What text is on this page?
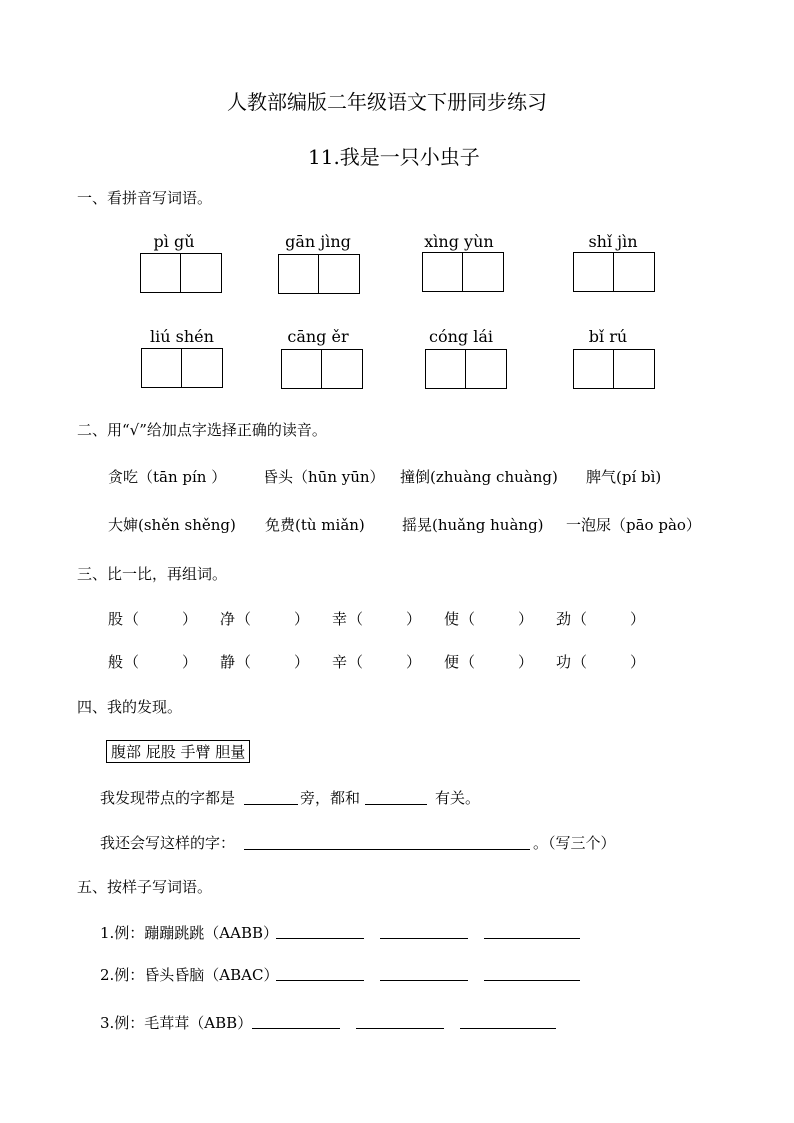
人教部编版二年级语文下册同步练习
11.我是一只小虫子
一、看拼音写词语。
pì gǔ	gān jìng	xìng yùn	shǐ jìn
liú shén	cāng ěr	cóng lái	bǐ rú
二、用“√”给加点字选择正确的读音。
贪吃（tān pín ） 昏头（hūn yūn） 撞倒(zhuàng chuàng) 脾气(pí bì)
大婶(shěn shěng) 免费(tù miǎn) 摇晃(huǎng huàng) 一泡尿（pāo pào）
三、比一比，再组词。
股 （	） 净 （	） 幸 （	） 使 （	） 劲 （	）
般 （	） 静 （	） 辛 （	） 便 （	） 功 （	）
四、我的发现。
腹部 屁股 手臂 胆量
我发现带点的字都是	旁，都和	有关。
我还会写这样的字：	。（写三个）
五、按样子写词语。
1.例：蹦蹦跳跳（AABB）
2.例：昏头昏脑（ABAC）
3.例：毛茸茸（ABB）
